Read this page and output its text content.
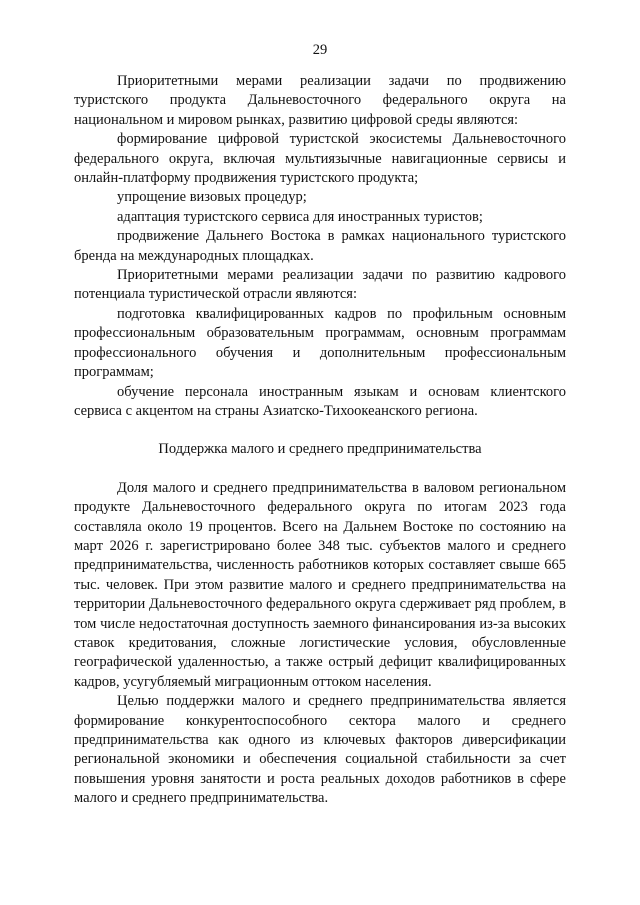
29

Приоритетными мерами реализации задачи по продвижению туристского продукта Дальневосточного федерального округа на национальном и мировом рынках, развитию цифровой среды являются:

формирование цифровой туристской экосистемы Дальневосточного федерального округа, включая мультиязычные навигационные сервисы и онлайн-платформу продвижения туристского продукта;

упрощение визовых процедур;

адаптация туристского сервиса для иностранных туристов;

продвижение Дальнего Востока в рамках национального туристского бренда на международных площадках.

Приоритетными мерами реализации задачи по развитию кадрового потенциала туристической отрасли являются:

подготовка квалифицированных кадров по профильным основным профессиональным образовательным программам, основным программам профессионального обучения и дополнительным профессиональным программам;

обучение персонала иностранным языкам и основам клиентского сервиса с акцентом на страны Азиатско-Тихоокеанского региона.

Поддержка малого и среднего предпринимательства

Доля малого и среднего предпринимательства в валовом региональном продукте Дальневосточного федерального округа по итогам 2023 года составляла около 19 процентов. Всего на Дальнем Востоке по состоянию на март 2026 г. зарегистрировано более 348 тыс. субъектов малого и среднего предпринимательства, численность работников которых составляет свыше 665 тыс. человек. При этом развитие малого и среднего предпринимательства на территории Дальневосточного федерального округа сдерживает ряд проблем, в том числе недостаточная доступность заемного финансирования из-за высоких ставок кредитования, сложные логистические условия, обусловленные географической удаленностью, а также острый дефицит квалифицированных кадров, усугубляемый миграционным оттоком населения.

Целью поддержки малого и среднего предпринимательства является формирование конкурентоспособного сектора малого и среднего предпринимательства как одного из ключевых факторов диверсификации региональной экономики и обеспечения социальной стабильности за счет повышения уровня занятости и роста реальных доходов работников в сфере малого и среднего предпринимательства.
